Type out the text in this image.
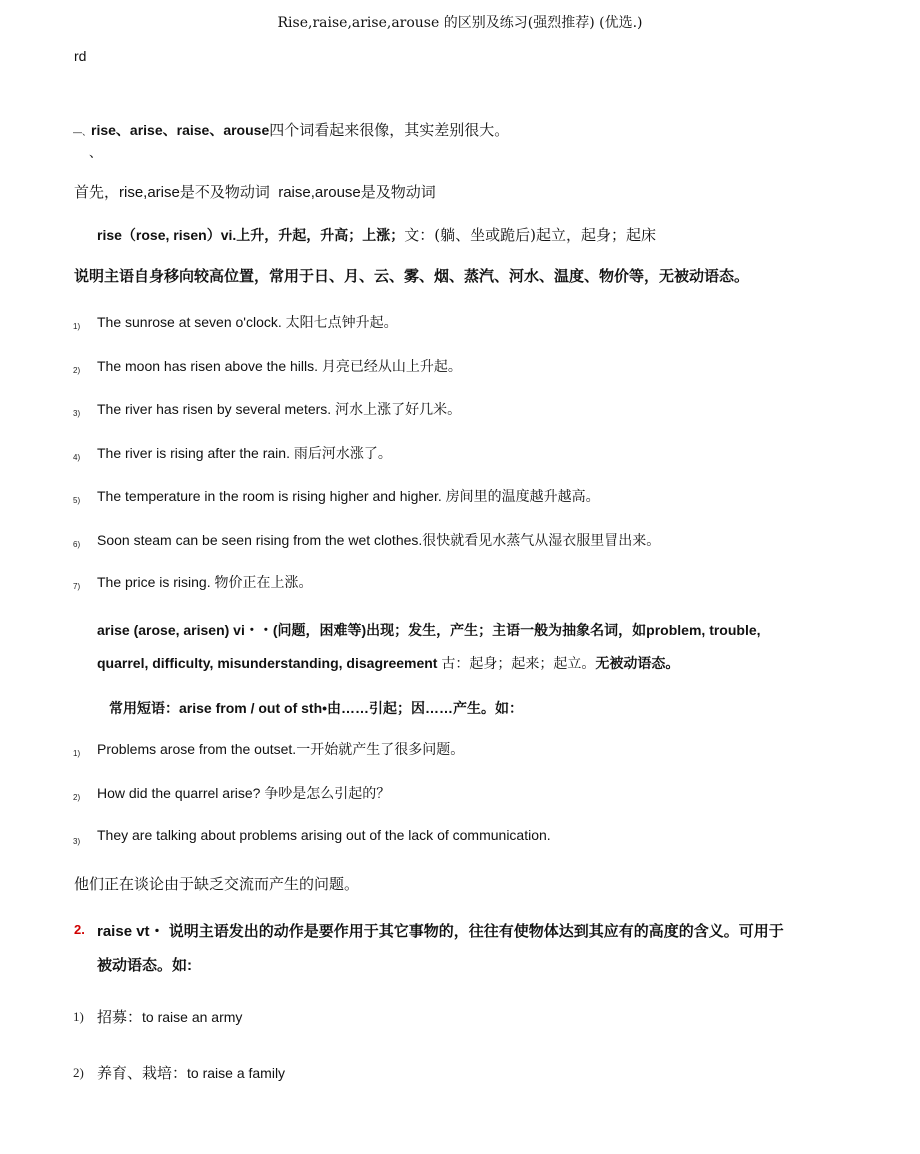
Rise,raise,arise,arouse 的区别及练习(强烈推荐) (优选.)
rd
—、rise、arise、raise、arouse四个词看起来很像，其实差别很大。
、
首先，rise,arise是不及物动词 raise,arouse是及物动词
rise（rose, risen）vi.上升，升起，升高；上涨；文：(躺、坐或跪后)起立，起身；起床
说明主语自身移向较高位置，常用于日、月、云、雾、烟、蒸汽、河水、温度、物价等，无被动语态。
1) The sunrose at seven o'clock. 太阳七点钟升起。
2) The moon has risen above the hills. 月亮已经从山上升起。
3) The river has risen by several meters. 河水上涨了好几米。
4) The river is rising after the rain. 雨后河水涨了。
5) The temperature in the room is rising higher and higher. 房间里的温度越升越高。
6) Soon steam can be seen rising from the wet clothes.很快就看见水蒸气从湿衣服里冒出来。
7) The price is rising. 物价正在上涨。
arise (arose, arisen) vi・・(问题，困难等)出现；发生，产生；主语一般为抽象名词，如problem, trouble,
quarrel, difficulty, misunderstanding, disagreement 古：起身；起来；起立。无被动语态。
常用短语：arise from / out of sth•由……引起；因……产生。如：
1) Problems arose from the outset.一开始就产生了很多问题。
2) How did the quarrel arise? 争吵是怎么引起的？
3) They are talking about problems arising out of the lack of communication.
他们正在谈论由于缺乏交流而产生的问题。
2. raise vt・ 说明主语发出的动作是要作用于其它事物的，往往有使物体达到其应有的高度的含义。可用于
被动语态。如:
1) 招募：to raise an army
2) 养育、栽培：to raise a family
